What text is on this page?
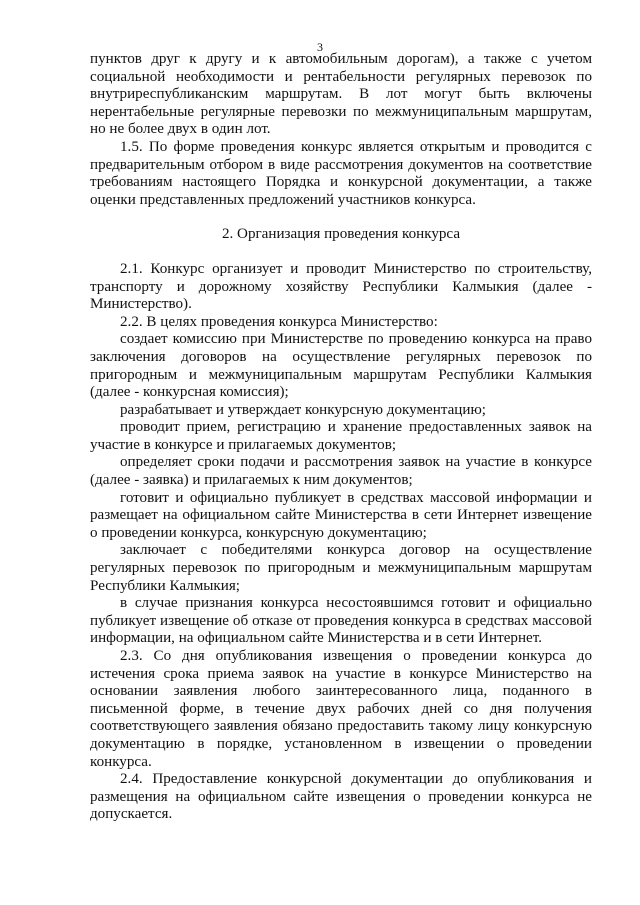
3

пунктов друг к другу и к автомобильным дорогам), а также с учетом социальной необходимости и рентабельности регулярных перевозок по внутриреспубликанским маршрутам. В лот могут быть включены нерентабельные регулярные перевозки по межмуниципальным маршрутам, но не более двух в один лот.

1.5. По форме проведения конкурс является открытым и проводится с предварительным отбором в виде рассмотрения документов на соответствие требованиям настоящего Порядка и конкурсной документации, а также оценки представленных предложений участников конкурса.

2. Организация проведения конкурса

2.1. Конкурс организует и проводит Министерство по строительству, транспорту и дорожному хозяйству Республики Калмыкия (далее - Министерство).

2.2. В целях проведения конкурса Министерство:

создает комиссию при Министерстве по проведению конкурса на право заключения договоров на осуществление регулярных перевозок по пригородным и межмуниципальным маршрутам Республики Калмыкия (далее - конкурсная комиссия);

разрабатывает и утверждает конкурсную документацию;

проводит прием, регистрацию и хранение предоставленных заявок на участие в конкурсе и прилагаемых документов;

определяет сроки подачи и рассмотрения заявок на участие в конкурсе (далее - заявка) и прилагаемых к ним документов;

готовит и официально публикует в средствах массовой информации и размещает на официальном сайте Министерства в сети Интернет извещение о проведении конкурса, конкурсную документацию;

заключает с победителями конкурса договор на осуществление регулярных перевозок по пригородным и межмуниципальным маршрутам Республики Калмыкия;

в случае признания конкурса несостоявшимся готовит и официально публикует извещение об отказе от проведения конкурса в средствах массовой информации, на официальном сайте Министерства и в сети Интернет.

2.3. Со дня опубликования извещения о проведении конкурса до истечения срока приема заявок на участие в конкурсе Министерство на основании заявления любого заинтересованного лица, поданного в письменной форме, в течение двух рабочих дней со дня получения соответствующего заявления обязано предоставить такому лицу конкурсную документацию в порядке, установленном в извещении о проведении конкурса.

2.4. Предоставление конкурсной документации до опубликования и размещения на официальном сайте извещения о проведении конкурса не допускается.
